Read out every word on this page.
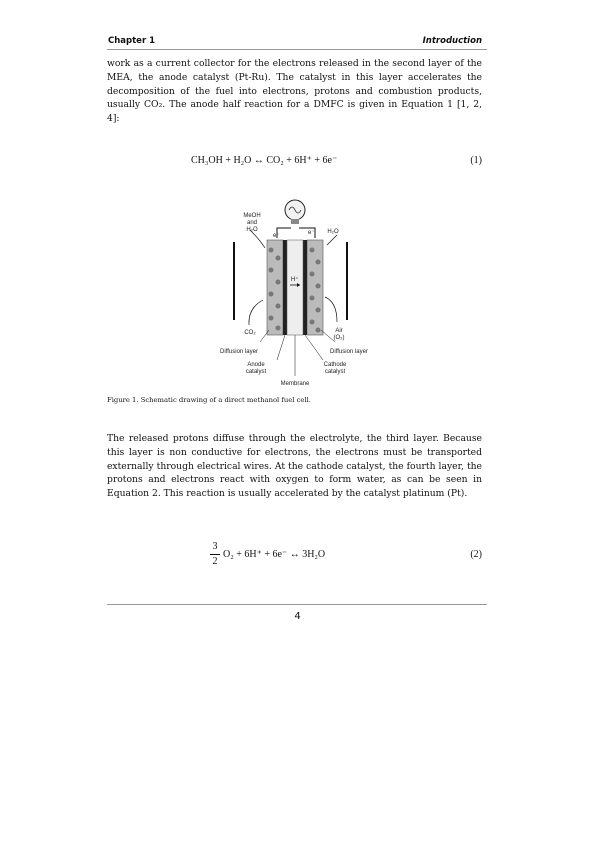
Chapter 1	Introduction

work as a current collector for the electrons released in the second layer of the MEA, the anode catalyst (Pt-Ru). The catalyst in this layer accelerates the decomposition of the fuel into electrons, protons and combustion products, usually CO₂. The anode half reaction for a DMFC is given in Equation 1 [1, 2, 4]:

CH₃OH + H₂O ↔ CO₂ + 6H⁺ + 6e⁻	(1)
MeOH
and
H₂O	H₂O
e⁻	e⁻
H⁺
CO₂	Air
(O₂)
Diffusion layer	Diffusion layer
Anode
catalyst
Cathode
catalyst
Membrane
Figure 1. Schematic drawing of a direct methanol fuel cell.

The released protons diffuse through the electrolyte, the third layer. Because this layer is non conductive for electrons, the electrons must be transported externally through electrical wires. At the cathode catalyst, the fourth layer, the protons and electrons react with oxygen to form water, as can be seen in Equation 2. This reaction is usually accelerated by the catalyst platinum (Pt).

3
2
O₂ + 6H⁺ + 6e⁻ ↔ 3H₂O	(2)
4
